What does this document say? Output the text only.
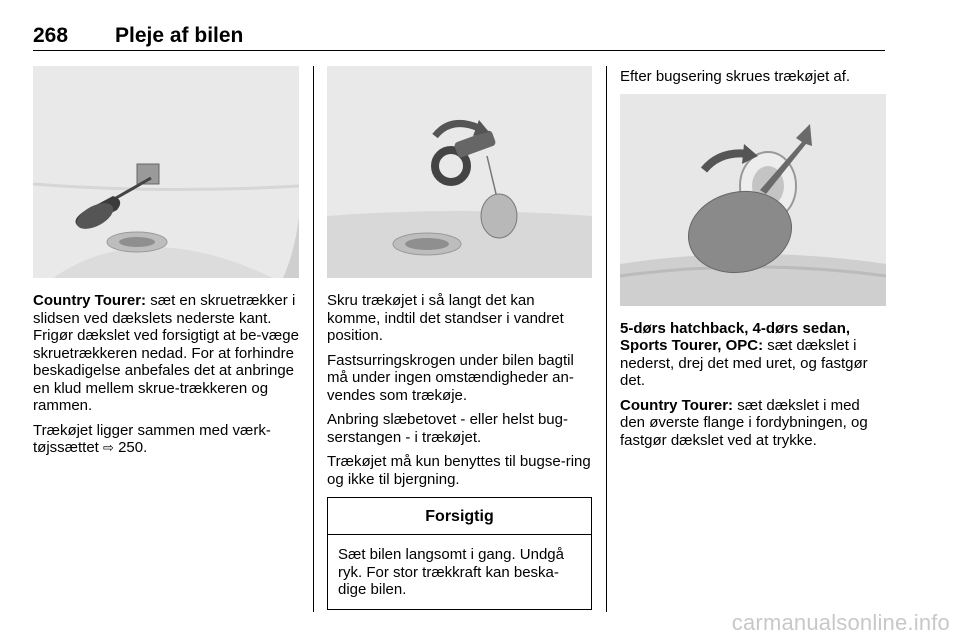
268 Pleje af bilen

Country Tourer: sæt en skruetrækker i slidsen ved dækslets nederste kant. Frigør dækslet ved forsigtigt at be-væge skruetrækkeren nedad. For at forhindre beskadigelse anbefales det at anbringe en klud mellem skrue-trækkeren og rammen.

Trækøjet ligger sammen med værk-tøjssættet ⇨ 250.

Skru trækøjet i så langt det kan komme, indtil det standser i vandret position.

Fastsurringskrogen under bilen bagtil må under ingen omstændigheder an-vendes som trækøje.

Anbring slæbetovet - eller helst bug-serstangen - i trækøjet.

Trækøjet må kun benyttes til bugse-ring og ikke til bjergning.

Forsigtig
Sæt bilen langsomt i gang. Undgå ryk. For stor trækkraft kan beska-dige bilen.

Efter bugsering skrues trækøjet af.

5-dørs hatchback, 4-dørs sedan, Sports Tourer, OPC: sæt dækslet i nederst, drej det med uret, og fastgør det.

Country Tourer: sæt dækslet i med den øverste flange i fordybningen, og fastgør dækslet ved at trykke.

carmanualsonline.info
